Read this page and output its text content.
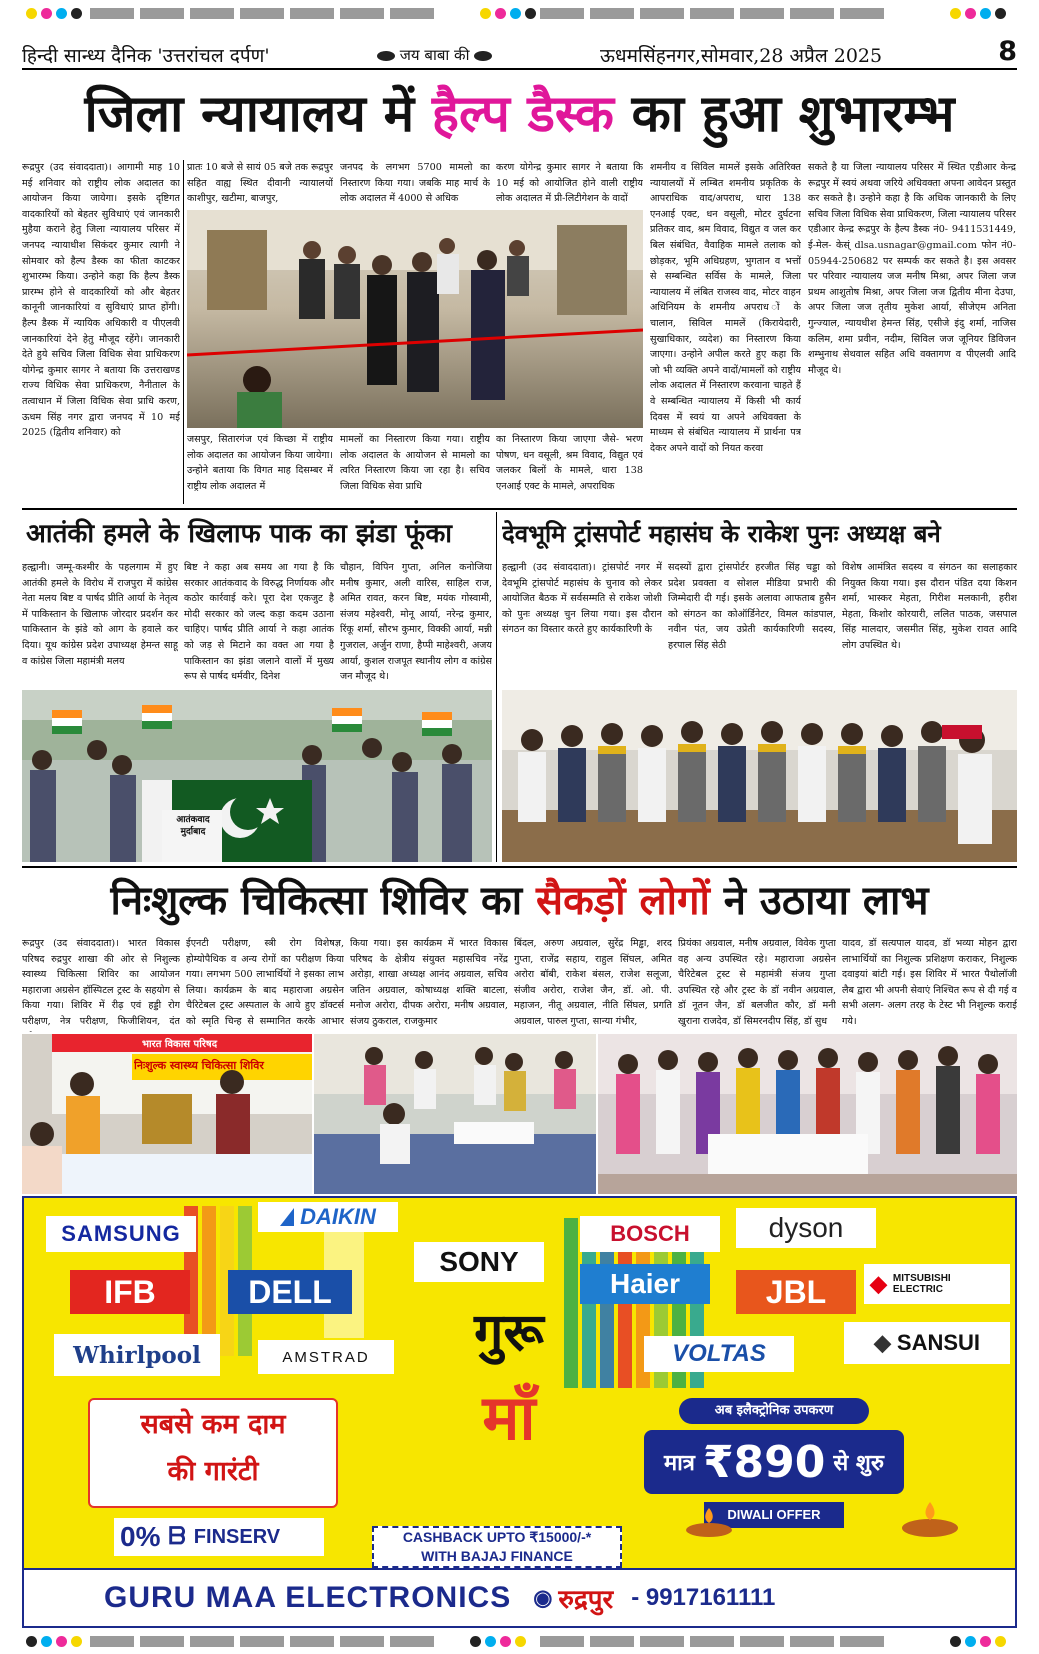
हिन्दी सान्ध्य दैनिक 'उत्तरांचल दर्पण'	जय बाबा की	ऊधमसिंहनगर,सोमवार,28 अप्रैल 2025	8
जिला न्यायालय में हैल्प डैस्क का हुआ शुभारम्भ
रूद्रपुर (उद संवाददाता)। आगामी माह 10 मई शनिवार को राष्ट्रीय लोक अदालत का आयोजन किया जायेगा। इसके दृष्टिगत वादकारियों को बेहतर सुविधाएं एवं जानकारी मुहैया कराने हेतु जिला न्यायालय परिसर में जनपद न्यायाधीश सिकंदर कुमार त्यागी ने सोमवार को हैल्प डैस्क का फीता काटकर शुभारम्भ किया। उन्होने कहा कि हैल्प डैस्क प्रारम्भ होने से वादकारियों को और बेहतर कानूनी जानकारियां व सुविधाएं प्राप्त होंगी। हैल्प डैस्क में न्यायिक अधिकारी व पीएलवी जानकारियां देने हेतु मौजूद रहेंगे। जानकारी देते हुये सचिव जिला विधिक सेवा प्राधिकरण योगेन्द्र कुमार सागर ने बताया कि उत्तराखण्ड राज्य विधिक सेवा प्राधिकरण, नैनीताल के तत्वाधान में जिला विधिक सेवा प्राधि करण, ऊधम सिंह नगर द्वारा जनपद में 10 मई 2025 (द्वितीय शनिवार) को
प्रातः 10 बजे से सायं 05 बजे तक रूद्रपुर सहित वाह्य स्थित दीवानी न्यायालयों काशीपुर, खटीमा, बाजपुर,
जनपद के लगभग 5700 मामलो का निस्तारण किया गया। जबकि माह मार्च के लोक अदालत में 4000 से अधिक
करण योगेन्द्र कुमार सागर ने बताया कि 10 मई को आयोजित होने वाली राष्ट्रीय लोक अदालत में प्री-लिटीगेशन के वादों
जसपुर, सितारगंज एवं किच्छा में राष्ट्रीय लोक अदालत का आयोजन किया जायेगा। उन्होने बताया कि विगत माह दिसम्बर में राष्ट्रीय लोक अदालत में
मामलों का निस्तारण किया गया। राष्ट्रीय लोक अदालत के आयोजन से मामलो का त्वरित निस्तारण किया जा रहा है। सचिव जिला विधिक सेवा प्राधि
का निस्तारण किया जाएगा जैसे- भरण पोषण, धन वसूली, श्रम विवाद, विद्युत एवं जलकर बिलों के मामले, धारा 138 एनआई एक्ट के मामले, अपराधिक
शमनीय व सिविल मामलें इसके अतिरिक्त न्यायालयों में लम्बित शमनीय प्रकृतिक के आपराधिक वाद/अपराध, धारा 138 एनआई एक्ट, धन वसूली, मोटर दुर्घटना प्रतिकर वाद, श्रम विवाद, विद्युत व जल कर बिल संबंधित, वैवाहिक मामले तलाक को छोड़कर, भूमि अधिग्रहण, भुगतान व भत्तों से सम्बन्धित सर्विस के मामले, जिला न्यायालय में लंबित राजस्व वाद, मोटर वाहन अधिनियम के शमनीय अपराध ों के चालान, सिविल मामलें (किरायेदारी, सुखाधिकार, व्यदेश) का निस्तारण किया जाएगा। उन्होने अपील करते हुए कहा कि जो भी व्यक्ति अपने वादों/मामलों को राष्ट्रीय लोक अदालत में निस्तारण करवाना चाहते हैं वे सम्बन्धित न्यायालय में किसी भी कार्य दिवस में स्वयं या अपने अधिवक्ता के माध्यम से संबंधित न्यायालय में प्रार्थना पत्र देकर अपने वादों को नियत करवा
सकते है या जिला न्यायालय परिसर में स्थित एडीआर केन्द्र रूद्रपुर में स्वयं अथवा जरिये अधिवक्ता अपना आवेदन प्रस्तुत कर सकते है। उन्होने कहा है कि अधिक जानकारी के लिए सचिव जिला विधिक सेवा प्राधिकरण, जिला न्यायालय परिसर एडीआर केन्द्र रूद्रपुर के हैल्प डैस्क नं0- 9411531449, ई-मेल- केस्ं dlsa.usnagar@gmail.com फोन नं0-05944-250682 पर सम्पर्क कर सकते है। इस अवसर पर परिवार न्यायालय जज मनीष मिश्रा, अपर जिला जज प्रथम आशुतोष मिश्रा, अपर जिला जज द्वितीय मीना देउपा, अपर जिला जज तृतीय मुकेश आर्या, सीजेएम अनिता गुन्ज्याल, न्यायधीश हेमन्त सिंह, एसीजे इंदु शर्मा, नाजिस कलिम, शमा प्रवीन, नदीम, सिविल जज जूनियर डिविजन शम्भुनाथ सेथवाल सहित अधि वक्तागण व पीएलवी आदि मौजूद थे।
आतंकी हमले के खिलाफ पाक का झंडा फूंका
हल्द्वानी। जम्मू-कश्मीर के पहलगाम में हुए आतंकी हमले के विरोध में राजपुरा में कांग्रेस नेता मलय बिष्ट व पार्षद प्रीति आर्या के नेतृत्व में पाकिस्तान के खिलाफ जोरदार प्रदर्शन कर पाकिस्तान के झंडे को आग के हवाले कर दिया। यूथ कांग्रेस प्रदेश उपाध्यक्ष हेमन्त साहू व कांग्रेस जिला महामंत्री मलय
बिष्ट ने कहा अब समय आ गया है कि सरकार आतंकवाद के विरुद्ध निर्णायक और कठोर कार्रवाई करे। पूरा देश एकजुट है मोदी सरकार को जल्द कड़ा कदम उठाना चाहिए। पार्षद प्रीति आर्या ने कहा आतंक को जड़ से मिटाने का वक्त आ गया है पाकिस्तान का झंडा जलाने वालों में मुख्य रूप से पार्षद धर्मवीर, दिनेश
चौहान, विपिन गुप्ता, अनिल कनोजिया मनीष कुमार, अली वारिस, साहिल राज, अमित रावत, करन बिष्ट, मयंक गोस्वामी, संजय महेश्वरी, मोनू आर्या, नरेन्द्र कुमार, रिंकू शर्मा, सौरभ कुमार, विक्की आर्या, मन्नी गुजराल, अर्जुन राणा, हैप्पी माहेश्वरी, अजय आर्या, कुशल राजपूत स्थानीय लोग व कांग्रेस जन मौजूद थे।
आतंकवाद
मुर्दाबाद
देवभूमि ट्रांसपोर्ट महासंघ के राकेश पुनः अध्यक्ष बने
हल्द्वानी (उद संवाददाता)। ट्रांसपोर्ट नगर में देवभूमि ट्रांसपोर्ट महासंघ के चुनाव को लेकर आयोजित बैठक में सर्वसम्मति से राकेश जोशी को पुनः अध्यक्ष चुन लिया गया। इस दौरान संगठन का विस्तार करते हुए कार्यकारिणी के
सदस्यों द्वारा ट्रांसपोर्टर हरजीत सिंह चड्डा को प्रदेश प्रवक्ता व सोशल मीडिया प्रभारी की जिम्मेदारी दी गई। इसके अलावा आफताब हुसैन को संगठन का कोऑर्डिनेटर, विमल कांडपाल, नवीन पंत, जय उप्रेती कार्यकारिणी सदस्य, हरपाल सिंह सेठी
विशेष आमंत्रित सदस्य व संगठन का सलाहकार नियुक्त किया गया। इस दौरान पंडित दया किशन शर्मा, भास्कर मेहता, गिरीश मलकानी, हरीश मेहता, किशोर कोरयारी, ललित पाठक, जसपाल सिंह मालदार, जसमीत सिंह, मुकेश रावत आदि लोग उपस्थित थे।
निःशुल्क चिकित्सा शिविर का सैकड़ों लोगों ने उठाया लाभ
रूद्रपुर (उद संवाददाता)। भारत विकास परिषद रुद्रपुर शाखा की ओर से निशुल्क स्वास्थ्य चिकित्सा शिविर का आयोजन महाराजा अग्रसेन हॉस्पिटल ट्रस्ट के सहयोग से किया गया। शिविर में रीढ़ एवं हड्डी रोग परीक्षण, नेत्र परीक्षण, फिजीशियन, दंत
ईएनटी परीक्षण, स्त्री रोग विशेषज्ञ, होम्योपैथिक व अन्य रोगों का परीक्षण किया गया। लगभग 500 लाभार्थियों ने इसका लाभ लिया। कार्यक्रम के बाद महाराजा अग्रसेन चैरिटेबल ट्रस्ट अस्पताल के आये हुए डॉक्टर्स को स्मृति चिन्ह से सम्मानित करके आभार
किया गया। इस कार्यक्रम में भारत विकास परिषद के क्षेत्रीय संयुक्त महासचिव नरेंद्र अरोड़ा, शाखा अध्यक्ष आनंद अग्रवाल, सचिव जतिन अग्रवाल, कोषाध्यक्ष शक्ति बाटला, मनोज अरोरा, दीपक अरोरा, मनीष अग्रवाल, संजय ठुकराल, राजकुमार
बिंदल, अरुण अग्रवाल, सुरेंद्र मिड्ढा, शरद गुप्ता, राजेंद्र सहाय, राहुल सिंघल, अमित अरोरा बॉबी, राकेश बंसल, राजेश सलूजा, संजीव अरोरा, राजेश जैन, डॉ. ओ. पी. महाजन, नीतू अग्रवाल, नीति सिंघल, प्रगति अग्रवाल, पारुल गुप्ता, सान्या गंभीर,
प्रियंका अग्रवाल, मनीष अग्रवाल, विवेक गुप्ता वह अन्य उपस्थित रहे। महाराजा अग्रसेन चैरिटेबल ट्रस्ट से महामंत्री संजय गुप्ता उपस्थित रहे और ट्रस्ट के डॉ नवीन अग्रवाल, डॉ नूतन जैन, डॉ बलजीत कौर, डॉ मनी खुराना राजदेव, डॉ सिमरनदीप सिंह, डॉ सुध
यादव, डॉ सत्यपाल यादव, डॉ भव्या मोहन द्वारा लाभार्थियों का निशुल्क प्रशिक्षण कराकर, निशुल्क दवाइयां बांटी गई। इस शिविर में भारत पैथोलॉजी लैब द्वारा भी अपनी सेवाएं निश्चित रूप से दी गई व सभी अलग- अलग तरह के टेस्ट भी निशुल्क कराई गये।
भारत विकास परिषद
निःशुल्क स्वास्थ्य चिकित्सा शिविर
SAMSUNG
DAIKIN
SONY
BOSCH	dyson
IFB	DELL	Haier	JBL	◆ MITSUBISHI ELECTRIC
Whirlpool	AMSTRAD	VOLTAS	◆ SANSUI
गुरू
माँ
सबसे कम दाम
की गारंटी
0% ᗷ FINSERV	CASHBACK UPTO ₹15000/-*
WITH BAJAJ FINANCE
अब इलैक्ट्रोनिक उपकरण
मात्र ₹890 से शुरु
DIWALI OFFER
GURU MAA ELECTRONICS ◉ रुद्रपुर - 9917161111
